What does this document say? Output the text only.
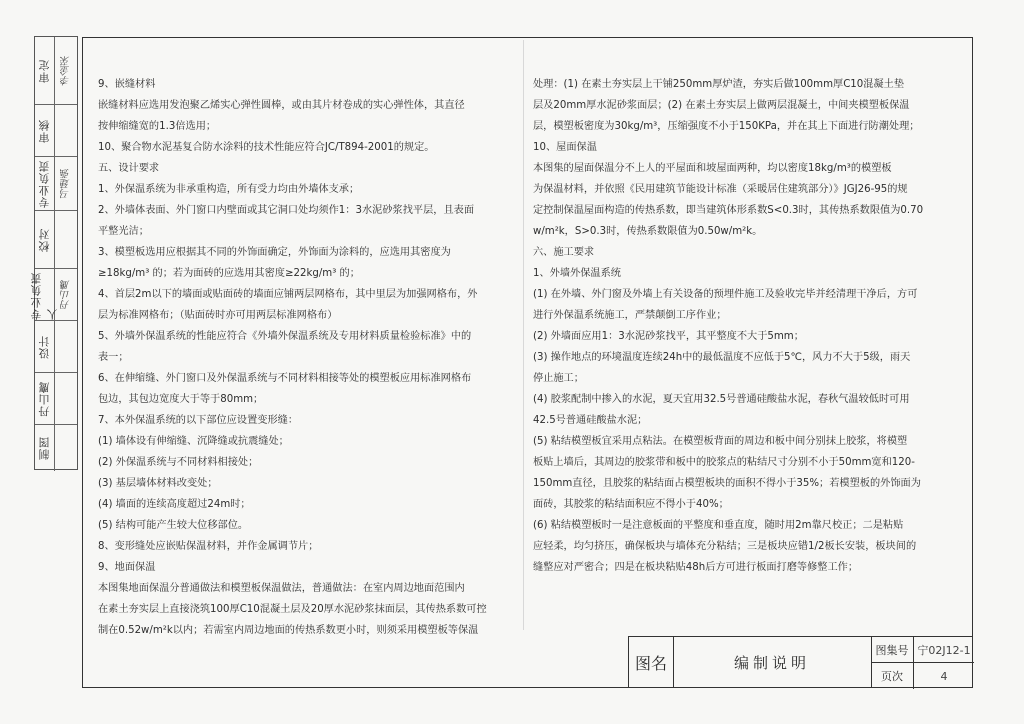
审定 李金荣
审核
专业负责 马建强
校对
专业负责人
丹山鹰
设计
丹山鹰
制图
9、嵌缝材料
嵌缝材料应选用发泡聚乙烯实心弹性圆棒，或由其片材卷成的实心弹性体，其直径
按伸缩缝宽的1.3倍选用；
10、聚合物水泥基复合防水涂料的技术性能应符合JC/T894-2001的规定。
五、设计要求
1、外保温系统为非承重构造，所有受力均由外墙体支承；
2、外墙体表面、外门窗口内壁面或其它洞口处均须作1：3水泥砂浆找平层，且表面
平整光洁；
3、模塑板选用应根据其不同的外饰面确定，外饰面为涂料的，应选用其密度为
≥18kg/m³ 的；若为面砖的应选用其密度≥22kg/m³ 的；
4、首层2m以下的墙面或贴面砖的墙面应铺两层网格布，其中里层为加强网格布，外
层为标准网格布；（贴面砖时亦可用两层标准网格布）
5、外墙外保温系统的性能应符合《外墙外保温系统及专用材料质量检验标准》中的
表一；
6、在伸缩缝、外门窗口及外保温系统与不同材料相接等处的模塑板应用标准网格布
包边，其包边宽度大于等于80mm；
7、本外保温系统的以下部位应设置变形缝：
(1) 墙体设有伸缩缝、沉降缝或抗震缝处；
(2) 外保温系统与不同材料相接处；
(3) 基层墙体材料改变处；
(4) 墙面的连续高度超过24m时；
(5) 结构可能产生较大位移部位。
8、变形缝处应嵌贴保温材料，并作金属调节片；
9、地面保温
本图集地面保温分普通做法和模塑板保温做法，普通做法：在室内周边地面范围内
在素土夯实层上直接浇筑100厚C10混凝土层及20厚水泥砂浆抹面层，其传热系数可控
制在0.52w/m²k以内；若需室内周边地面的传热系数更小时，则须采用模塑板等保温
处理：(1) 在素土夯实层上干铺250mm厚炉渣，夯实后做100mm厚C10混凝土垫
层及20mm厚水泥砂浆面层；(2) 在素土夯实层上做两层混凝土，中间夹模塑板保温
层，模塑板密度为30kg/m³，压缩强度不小于150KPa，并在其上下面进行防潮处理；
10、屋面保温
本图集的屋面保温分不上人的平屋面和坡屋面两种，均以密度18kg/m³的模塑板
为保温材料，并依照《民用建筑节能设计标准（采暖居住建筑部分）》JGJ26-95的规
定控制保温屋面构造的传热系数，即当建筑体形系数S<0.3时，其传热系数限值为0.70
w/m²k，S>0.3时，传热系数限值为0.50w/m²k。
六、施工要求
1、外墙外保温系统
(1) 在外墙、外门窗及外墙上有关设备的预埋件施工及验收完毕并经清理干净后，方可
进行外保温系统施工，严禁颠倒工序作业；
(2) 外墙面应用1：3水泥砂浆找平，其平整度不大于5mm；
(3) 操作地点的环境温度连续24h中的最低温度不应低于5℃，风力不大于5级，雨天
停止施工；
(4) 胶浆配制中掺入的水泥，夏天宜用32.5号普通硅酸盐水泥，春秋气温较低时可用
42.5号普通硅酸盐水泥；
(5) 粘结模塑板宜采用点粘法。在模塑板背面的周边和板中间分别抹上胶浆，将模塑
板贴上墙后，其周边的胶浆带和板中的胶浆点的粘结尺寸分别不小于50mm宽和120-
150mm直径，且胶浆的粘结面占模塑板块的面积不得小于35%；若模塑板的外饰面为
面砖，其胶浆的粘结面积应不得小于40%；
(6) 粘结模塑板时一是注意板面的平整度和垂直度，随时用2m靠尺校正；二是粘贴
应轻柔，均匀挤压，确保板块与墙体充分粘结；三是板块应错1/2板长安装，板块间的
缝整应对严密合；四是在板块粘贴48h后方可进行板面打磨等修整工作；
图名	编制说明
图集号 宁02J12-1
页次	4
